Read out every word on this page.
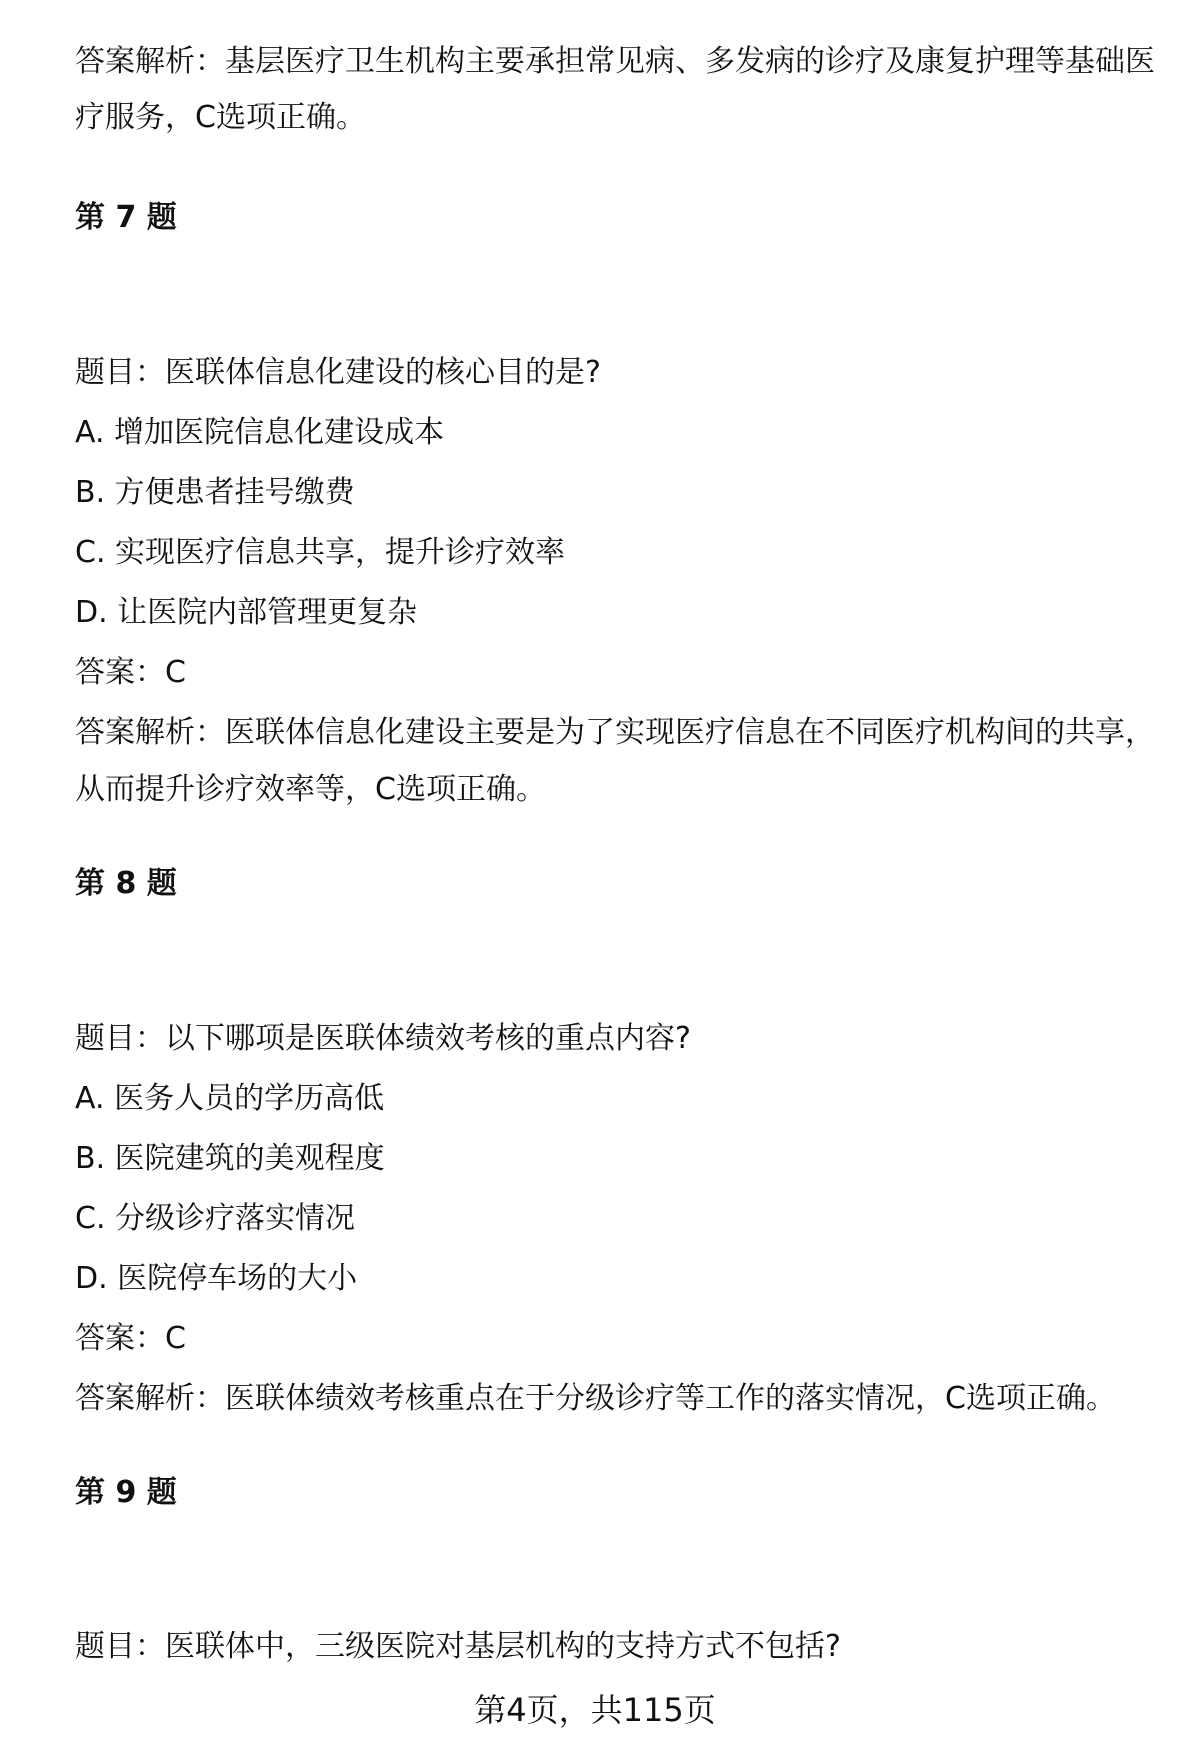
答案解析：基层医疗卫生机构主要承担常见病、多发病的诊疗及康复护理等基础医
疗服务，C选项正确。
第 7 题
题目：医联体信息化建设的核心目的是?
A. 增加医院信息化建设成本
B. 方便患者挂号缴费
C. 实现医疗信息共享，提升诊疗效率
D. 让医院内部管理更复杂
答案：C
答案解析：医联体信息化建设主要是为了实现医疗信息在不同医疗机构间的共享，
从而提升诊疗效率等，C选项正确。
第 8 题
题目：以下哪项是医联体绩效考核的重点内容?
A. 医务人员的学历高低
B. 医院建筑的美观程度
C. 分级诊疗落实情况
D. 医院停车场的大小
答案：C
答案解析：医联体绩效考核重点在于分级诊疗等工作的落实情况，C选项正确。
第 9 题
题目：医联体中，三级医院对基层机构的支持方式不包括?
第4页，共115页
